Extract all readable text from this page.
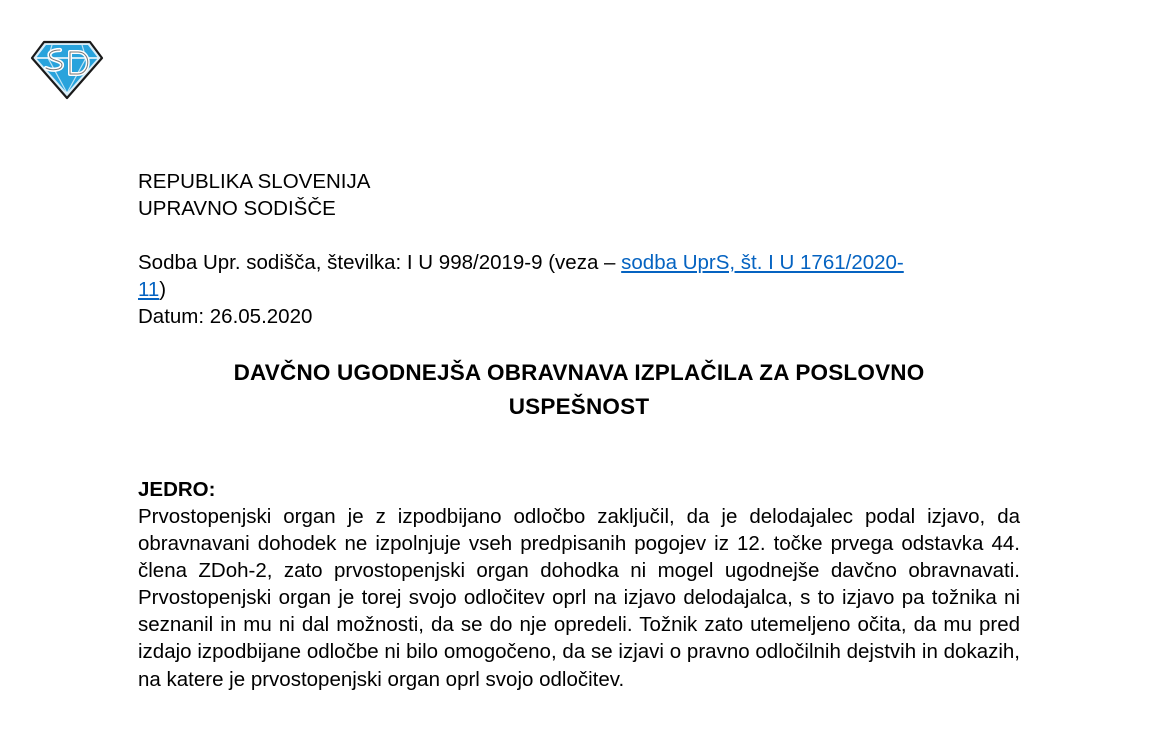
REPUBLIKA SLOVENIJA
UPRAVNO SODIŠČE
Sodba Upr. sodišča, številka: I U 998/2019-9 (veza – sodba UprS, št. I U 1761/2020-
11)
Datum: 26.05.2020
DAVČNO UGODNEJŠA OBRAVNAVA IZPLAČILA ZA POSLOVNO
USPEŠNOST
JEDRO:
Prvostopenjski organ je z izpodbijano odločbo zaključil, da je delodajalec podal izjavo, da obravnavani dohodek ne izpolnjuje vseh predpisanih pogojev iz 12. točke prvega odstavka 44. člena ZDoh-2, zato prvostopenjski organ dohodka ni mogel ugodnejše davčno obravnavati. Prvostopenjski organ je torej svojo odločitev oprl na izjavo delodajalca, s to izjavo pa tožnika ni seznanil in mu ni dal možnosti, da se do nje opredeli. Tožnik zato utemeljeno očita, da mu pred izdajo izpodbijane odločbe ni bilo omogočeno, da se izjavi o pravno odločilnih dejstvih in dokazih, na katere je prvostopenjski organ oprl svojo odločitev.
